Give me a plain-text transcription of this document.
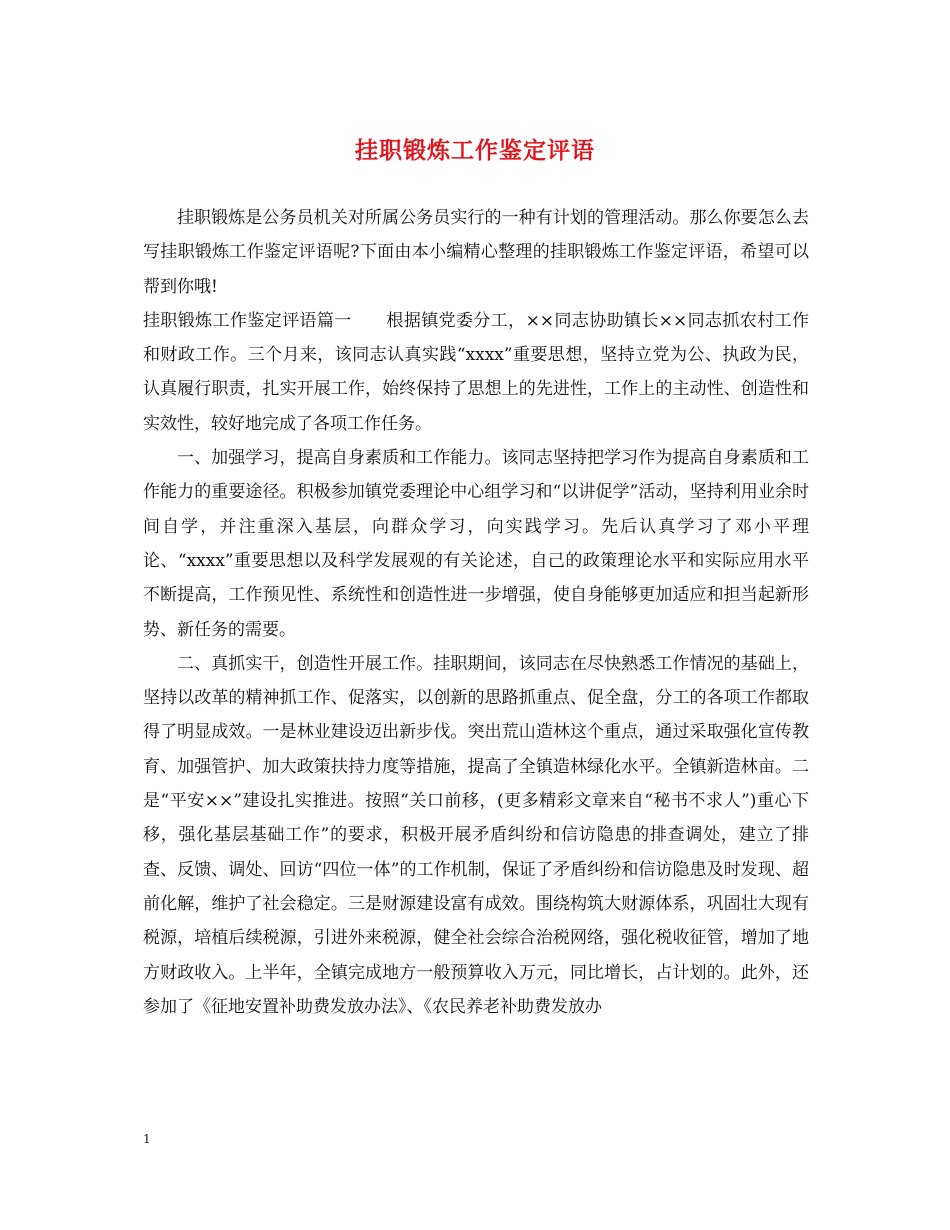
挂职锻炼工作鉴定评语

挂职锻炼是公务员机关对所属公务员实行的一种有计划的管理活动。那么你要怎么去写挂职锻炼工作鉴定评语呢?下面由本小编精心整理的挂职锻炼工作鉴定评语，希望可以帮到你哦!

挂职锻炼工作鉴定评语篇一　　根据镇党委分工，××同志协助镇长××同志抓农村工作和财政工作。三个月来，该同志认真实践“xxxx”重要思想，坚持立党为公、执政为民，认真履行职责，扎实开展工作，始终保持了思想上的先进性，工作上的主动性、创造性和实效性，较好地完成了各项工作任务。

一、加强学习，提高自身素质和工作能力。该同志坚持把学习作为提高自身素质和工作能力的重要途径。积极参加镇党委理论中心组学习和“以讲促学”活动，坚持利用业余时间自学，并注重深入基层，向群众学习，向实践学习。先后认真学习了邓小平理论、“xxxx”重要思想以及科学发展观的有关论述，自己的政策理论水平和实际应用水平不断提高，工作预见性、系统性和创造性进一步增强，使自身能够更加适应和担当起新形势、新任务的需要。

二、真抓实干，创造性开展工作。挂职期间，该同志在尽快熟悉工作情况的基础上，坚持以改革的精神抓工作、促落实，以创新的思路抓重点、促全盘，分工的各项工作都取得了明显成效。一是林业建设迈出新步伐。突出荒山造林这个重点，通过采取强化宣传教育、加强管护、加大政策扶持力度等措施，提高了全镇造林绿化水平。全镇新造林亩。二是“平安××”建设扎实推进。按照“关口前移，(更多精彩文章来自“秘书不求人”)重心下移，强化基层基础工作”的要求，积极开展矛盾纠纷和信访隐患的排查调处，建立了排查、反馈、调处、回访“四位一体”的工作机制，保证了矛盾纠纷和信访隐患及时发现、超前化解，维护了社会稳定。三是财源建设富有成效。围绕构筑大财源体系，巩固壮大现有税源，培植后续税源，引进外来税源，健全社会综合治税网络，强化税收征管，增加了地方财政收入。上半年，全镇完成地方一般预算收入万元，同比增长，占计划的。此外，还参加了《征地安置补助费发放办法》、《农民养老补助费发放办

1
